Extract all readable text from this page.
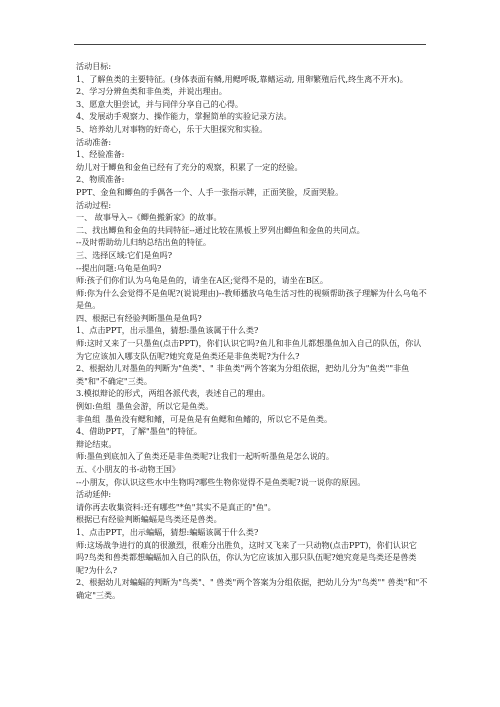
活动目标:
1、了解鱼类的主要特征。(身体表面有鳞,用鳃呼吸,靠鳍运动, 用卵繁殖后代,终生离不开水)。
2、学习分辨鱼类和非鱼类，并说出理由。
3、愿意大胆尝试，并与同伴分享自己的心得。
4、发展动手观察力、操作能力，掌握简单的实验记录方法。
5、培养幼儿对事物的好奇心，乐于大胆探究和实验。
活动准备:
1、经验准备:
幼儿对于鲫鱼和金鱼已经有了充分的观察，积累了一定的经验。
2、物质准备:
PPT、金鱼和鲫鱼的手偶各一个、人手一张指示牌，正面笑脸，反面哭脸。
活动过程:
一、 故事导入--《鲫鱼搬新家》的故事。
二、找出鲫鱼和金鱼的共同特征--通过比较在黑板上罗列出鲫鱼和金鱼的共同点。
--及时帮助幼儿归纳总结出鱼的特征。
三、选择区域:它们是鱼吗?
--提出问题:乌龟是鱼吗?
师:孩子们你们认为乌龟是鱼的，请坐在A区;觉得不是的，请坐在B区。
师:你为什么会觉得不是鱼呢?(说说理由)--教师播放乌龟生活习性的视频帮助孩子理解为什么乌龟不是鱼。
四、根据已有经验判断墨鱼是鱼吗?
1、点击PPT，出示墨鱼，猜想:墨鱼该属于什么类?
师:这时又来了一只墨鱼(点击PPT)，你们认识它吗?鱼儿和非鱼儿都想墨鱼加入自己的队伍，你认为它应该加入哪支队伍呢?她究竟是鱼类还是非鱼类呢?为什么?
2、根据幼儿对墨鱼的判断为"鱼类"、" 非鱼类"两个答案为分组依据，把幼儿分为"鱼类""非鱼类"和"不确定"三类。
3.模拟辩论的形式，两组各派代表，表述自己的理由。
例如:鱼组  墨鱼会游，所以它是鱼类。
非鱼组  墨鱼没有鳃和鳍，可是鱼是有鱼鳃和鱼鳍的，所以它不是鱼类。
4、借助PPT，了解"墨鱼"的特征。
辩论结束。
师:墨鱼到底加入了鱼类还是非鱼类呢?让我们一起听听墨鱼是怎么说的。
五、《小朋友的书-动物王国》
--小朋友，你认识这些水中生物吗?哪些生物你觉得不是鱼类呢?说一说你的原因。
活动延伸:
请你再去收集资料:还有哪些"*鱼"其实不是真正的"鱼"。
根据已有经验判断蝙蝠是鸟类还是兽类。
1、点击PPT，出示蝙蝠，猜想:蝙蝠该属于什么类?
师:这场战争进行的真的很激烈，很难分出胜负，这时又飞来了一只动物(点击PPT)，你们认识它吗?鸟类和兽类都想蝙蝠加入自己的队伍，你认为它应该加入那只队伍呢?她究竟是鸟类还是兽类呢?为什么?
2、根据幼儿对蝙蝠的判断为"鸟类"、" 兽类"两个答案为分组依据，把幼儿分为"鸟类"" 兽类"和"不确定"三类。
